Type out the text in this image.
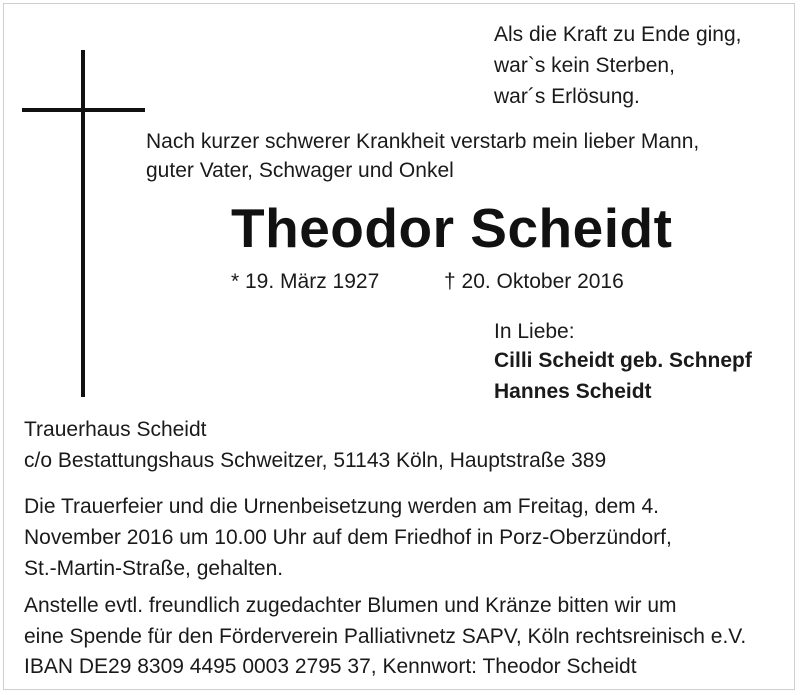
Als die Kraft zu Ende ging,
war`s kein Sterben,
war´s Erlösung.
Nach kurzer schwerer Krankheit verstarb mein lieber Mann,
guter Vater, Schwager und Onkel
Theodor Scheidt
* 19. März 1927	† 20. Oktober 2016
In Liebe:
Cilli Scheidt geb. Schnepf
Hannes Scheidt
Trauerhaus Scheidt
c/o Bestattungshaus Schweitzer, 51143 Köln, Hauptstraße 389
Die Trauerfeier und die Urnenbeisetzung werden am Freitag, dem 4.
November 2016 um 10.00 Uhr auf dem Friedhof in Porz-Oberzündorf,
St.-Martin-Straße, gehalten.
Anstelle evtl. freundlich zugedachter Blumen und Kränze bitten wir um
eine Spende für den Förderverein Palliativnetz SAPV, Köln rechtsreinisch e.V.
IBAN DE29 8309 4495 0003 2795 37, Kennwort: Theodor Scheidt
